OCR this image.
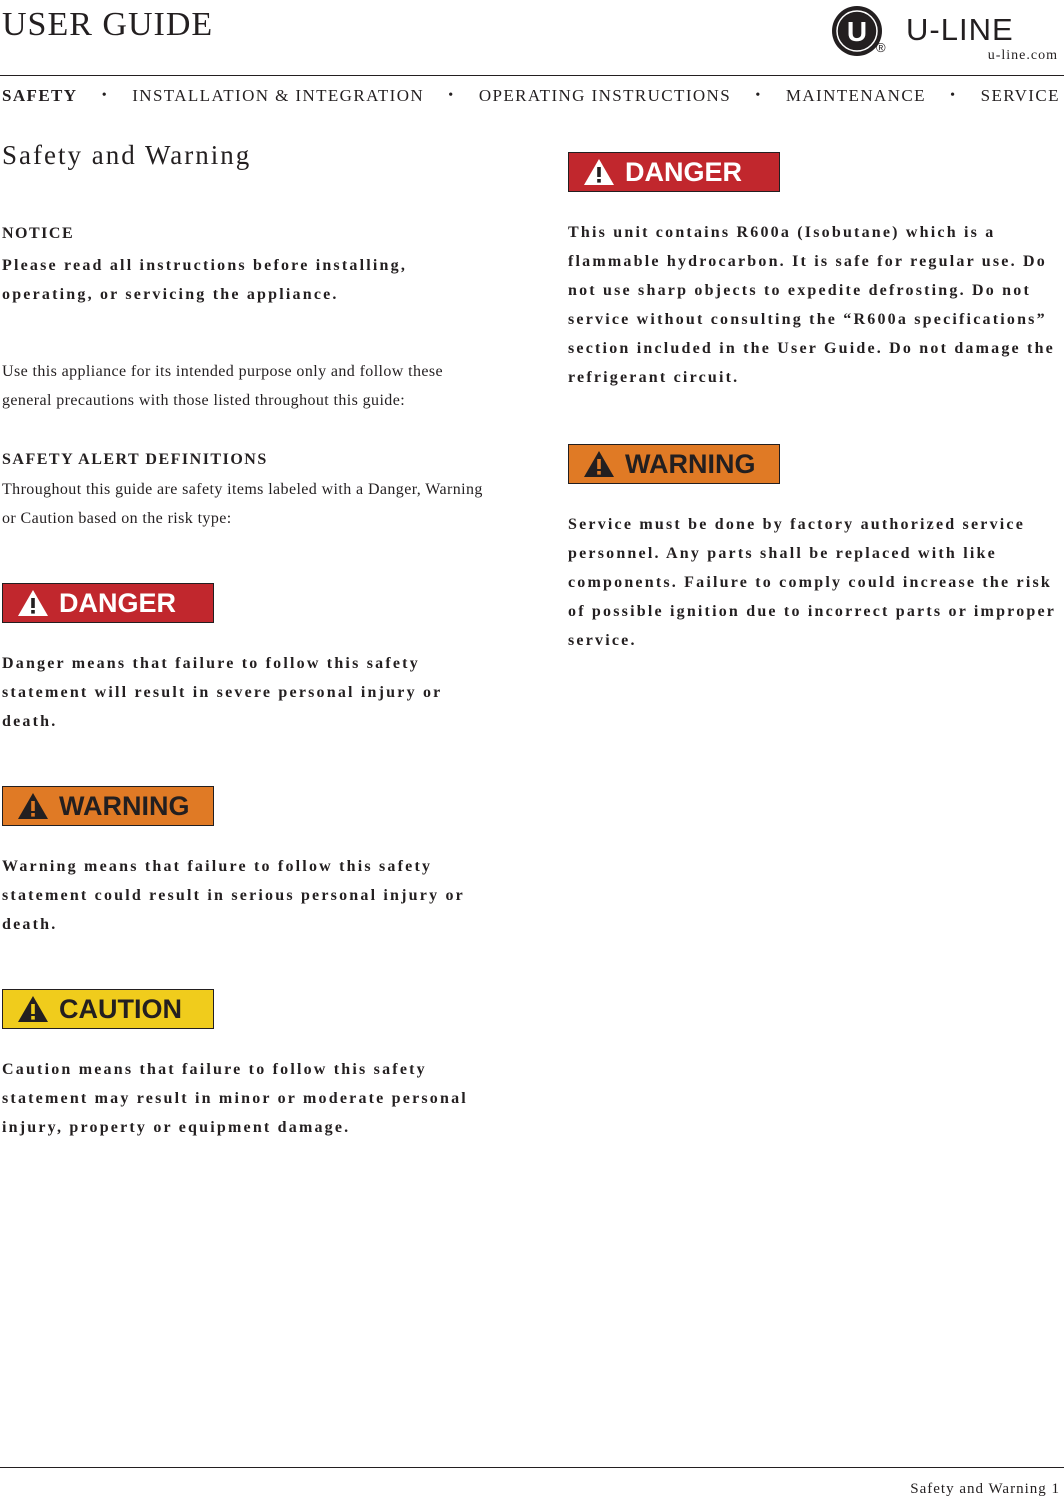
USER GUIDE	U
®
U-LINE
u-line.com
SAFETY • INSTALLATION & INTEGRATION • OPERATING INSTRUCTIONS • MAINTENANCE • SERVICE
Safety and Warning

NOTICE

Please read all instructions before installing, operating, or servicing the appliance.

Use this appliance for its intended purpose only and follow these general precautions with those listed throughout this guide:

SAFETY ALERT DEFINITIONS

Throughout this guide are safety items labeled with a Danger, Warning or Caution based on the risk type:

DANGER

Danger means that failure to follow this safety statement will result in severe personal injury or death.

WARNING

Warning means that failure to follow this safety statement could result in serious personal injury or death.

CAUTION

Caution means that failure to follow this safety statement may result in minor or moderate personal injury, property or equipment damage.

DANGER

This unit contains R600a (Isobutane) which is a flammable hydrocarbon. It is safe for regular use. Do not use sharp objects to expedite defrosting. Do not service without consulting the “R600a specifications” section included in the User Guide. Do not damage the refrigerant circuit.

WARNING

Service must be done by factory authorized service personnel. Any parts shall be replaced with like components. Failure to comply could increase the risk of possible ignition due to incorrect parts or improper service.

Safety and Warning 1
